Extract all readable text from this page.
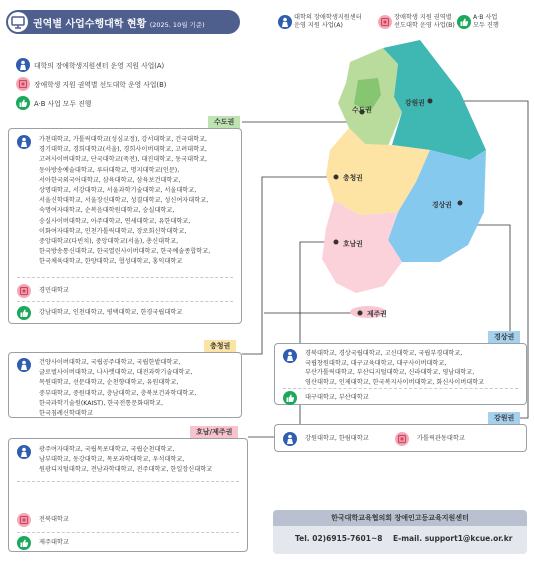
권역별 사업수행대학 현황 (2025. 10월 기준)
대학의 장애학생지원센터
운영 지원 사업(A)
장애학생 지원 권역별
선도대학 운영 사업(B)
A·B 사업
모두 진행
대학의 장애학생지원센터 운영 지원 사업(A)
장애학생 지원 권역별 선도대학 운영 사업(B)
A·B 사업 모두 진행
수도권
강원권
충청권
경상권
호남권
제주권
수도권
가천대학교, 가톨릭대학교(성심교정), 강서대학교, 건국대학교,
경기대학교, 경희대학교(서울), 경희사이버대학교, 고려대학교,
고려사이버대학교, 단국대학교(죽전), 대진대학교, 동국대학교,
동아방송예술대학교, 루터대학교, 명지대학교(인문),
서아한국외국어대학교, 삼육대학교, 삼육보건대학교,
상명대학교, 서강대학교, 서울과학기술대학교, 서울대학교,
서울신학대학교, 서울장신대학교, 성결대학교, 성신여자대학교,
숙명여자대학교, 순복음대학원대학교, 숭실대학교,
숭실사이버대학교, 아주대학교, 연세대학교, 유한대학교,
이화여자대학교, 인천가톨릭대학교, 장로회신학대학교,
중앙대학교(다빈치), 중앙대학교(서울), 총신대학교,
한국방송통신대학교, 한국열린사이버대학교, 한국예술종합학교,
한국체육대학교, 한양대학교, 협성대학교, 홍익대학교
경민대학교
강남대학교, 인천대학교, 평택대학교, 한경국립대학교
충청권
건양사이버대학교, 국립공주대학교, 국립한밭대학교,
글로벌사이버대학교, 나사렛대학교, 대전과학기술대학교,
목원대학교, 선문대학교, 순천향대학교, 유원대학교,
중부대학교, 중원대학교, 충남대학교, 충북보건과학대학교,
한국과학기술원(KAIST), 한국전통문화대학교,
한국침례신학대학교
호남/제주권
광주여자대학교, 국립목포대학교, 국립순천대학교,
남부대학교, 동강대학교, 목포과학대학교, 우석대학교,
원광디지털대학교, 전남과학대학교, 전주대학교, 한일장신대학교
전북대학교
제주대학교
경상권
경북대학교, 경상국립대학교, 고신대학교, 국립부경대학교,
국립창원대학교, 대구교육대학교, 대구사이버대학교,
부산가톨릭대학교, 부산디지털대학교, 신라대학교, 영남대학교,
영산대학교, 인제대학교, 한국복지사이버대학교, 화신사이버대학교
대구대학교, 부산대학교
강원권
강원대학교, 한림대학교	가톨릭관동대학교
한국대학교육협의회 장애인고등교육지원센터
Tel. 02)6915-7601~8 E-mail. support1@kcue.or.kr
